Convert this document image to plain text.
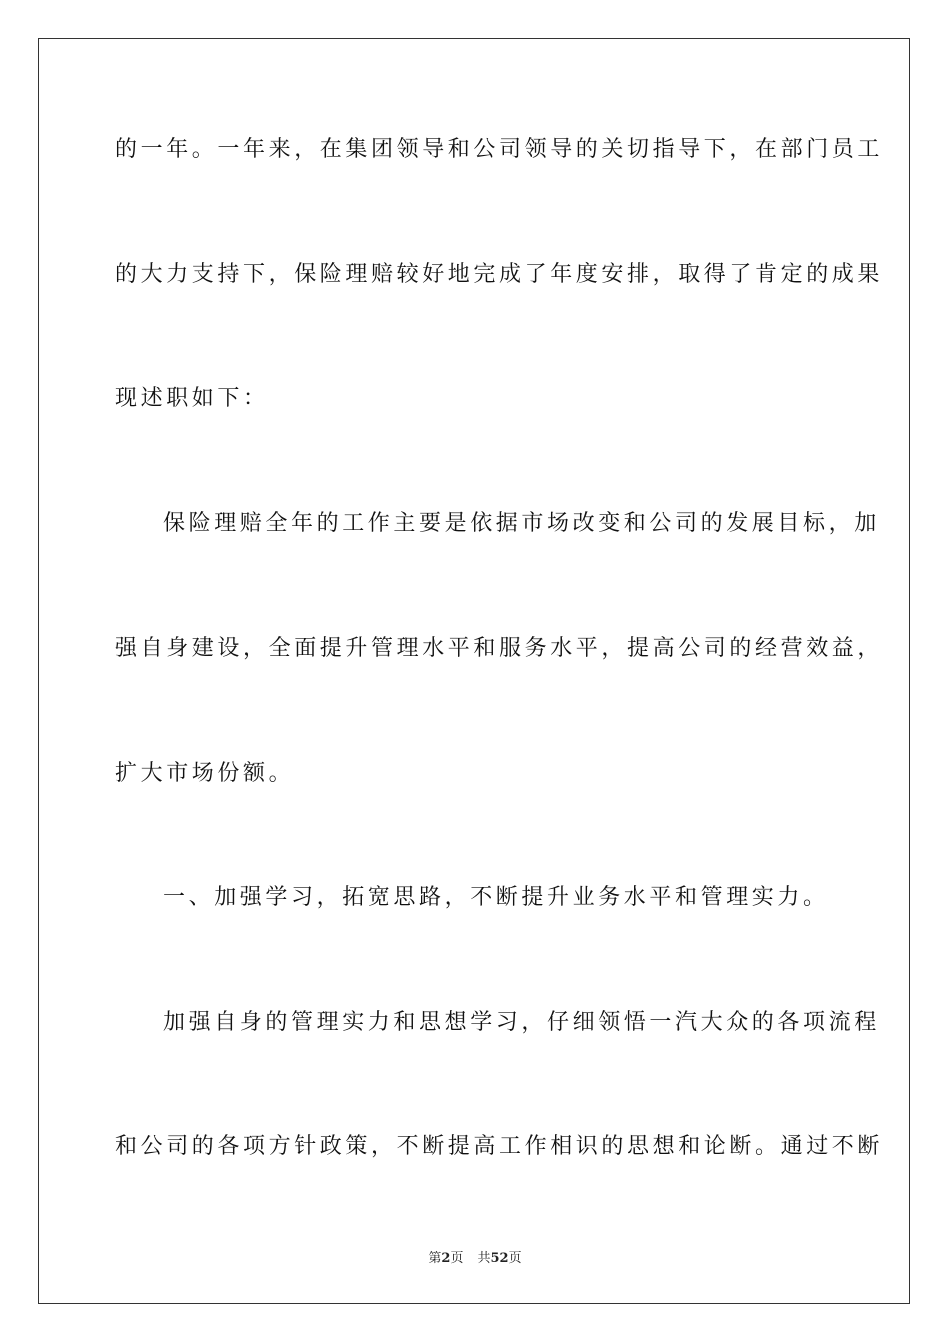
的一年。一年来，在集团领导和公司领导的关切指导下，在部门员工
的大力支持下，保险理赔较好地完成了年度安排，取得了肯定的成果
现述职如下：
保险理赔全年的工作主要是依据市场改变和公司的发展目标，加
强自身建设，全面提升管理水平和服务水平，提高公司的经营效益，
扩大市场份额。
一、加强学习，拓宽思路，不断提升业务水平和管理实力。
加强自身的管理实力和思想学习，仔细领悟一汽大众的各项流程
和公司的各项方针政策，不断提高工作相识的思想和论断。通过不断
第2页 共52页
